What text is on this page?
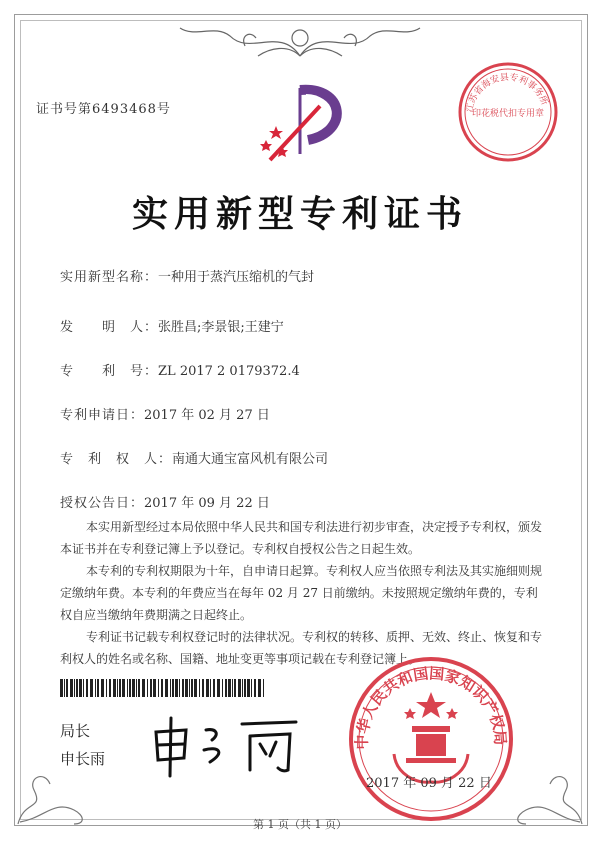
证书号第6493468号	江苏省海安县专利事务所
印花税代扣专用章
实用新型专利证书
实用新型名称：一种用于蒸汽压缩机的气封
发　　明　人：张胜昌;李景银;王建宁
专　　利　号：ZL 2017 2 0179372.4
专利申请日：2017 年 02 月 27 日
专　利　权　人：南通大通宝富风机有限公司
授权公告日：2017 年 09 月 22 日

本实用新型经过本局依照中华人民共和国专利法进行初步审查，决定授予专利权，颁发本证书并在专利登记簿上予以登记。专利权自授权公告之日起生效。

本专利的专利权期限为十年，自申请日起算。专利权人应当依照专利法及其实施细则规定缴纳年费。本专利的年费应当在每年 02 月 27 日前缴纳。未按照规定缴纳年费的，专利权自应当缴纳年费期满之日起终止。

专利证书记载专利权登记时的法律状况。专利权的转移、质押、无效、终止、恢复和专利权人的姓名或名称、国籍、地址变更等事项记载在专利登记簿上。

局长
申长雨
中华人民共和国国家知识产权局
2017 年 09 月 22 日
第 1 页（共 1 页）
